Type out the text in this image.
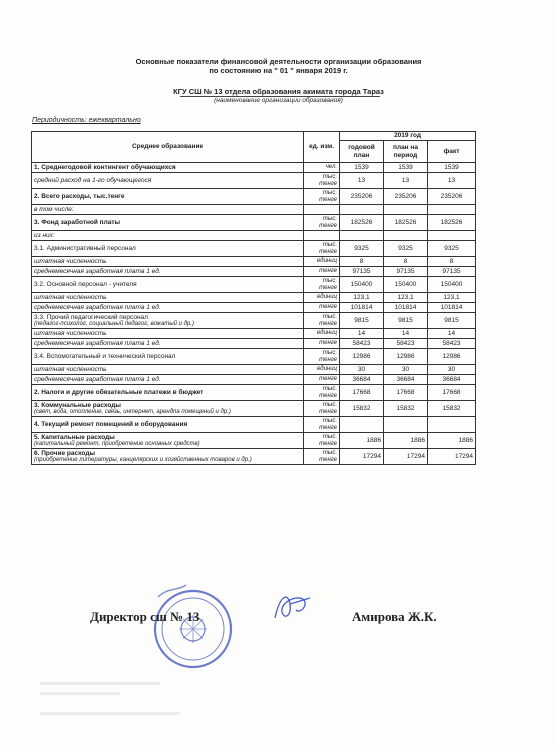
Основные показатели финансовой деятельности организации образования
по состоянию на " 01 " января 2019 г.
КГУ СШ № 13 отдела образования акимата города Тараз
(наименование организации образования)
Периодичность: ежеквартально
Среднее образование	ед. изм.	2019 год		
		годовой план	план на период	факт

1. Среднегодовой контингент обучающихся	чел.	1539	1539	1539

средний расход на 1-го обучающегося	тыс. тенге	13	13	13

2. Всего расходы, тыс.тенге	тыс. тенге	235206	235206	235206

в том числе:				

3. Фонд заработной платы	тыс. тенге	182526	182526	182526

из них:				

3.1. Административный персонал	тыс. тенге	9325	9325	9325

штатная численность	единиц	8	8	8

среднемесячная заработная плата 1 ед.	тенге	97135	97135	97135

3.2. Основной персонал - учителя	тыс. тенге	150400	150400	150400

штатная численность	единиц	123,1	123,1	123,1

среднемесячная заработная плата 1 ед.	тенге	101814	101814	101814

3.3. Прочий педагогический персонал
(педагог-психолог, социальный педагог, вожатый и др.)	тыс. тенге	9815	9815	9815

штатная численность	единиц	14	14	14

среднемесячная заработная плата 1 ед.	тенге	58423	58423	58423

3.4. Вспомогательный и технический персонал	тыс. тенге	12986	12986	12986

штатная численность	единиц	30	30	30

среднемесячная заработная плата 1 ед.	тенге	36684	36684	36684

2. Налоги и другие обязательные платежи в бюджет	тыс. тенге	17668	17668	17668

3. Коммунальные расходы
(свет, вода, отопление, связь, интернет, арендпа помещений и др.)	тыс. тенге	15832	15832	15832

4. Текущий ремонт помещений и оборудования	тыс. тенге			

5. Капитальные расходы
(капитальный ремонт, приобретение основных средств)	тыс. тенге	1886	1886	1886

6. Прочие расходы
(приобретение литературы, канцелярских и хозяйственных товаров и др.)	тыс. тенге	17294	17294	17294
Директор сш № 13	Амирова Ж.К.
